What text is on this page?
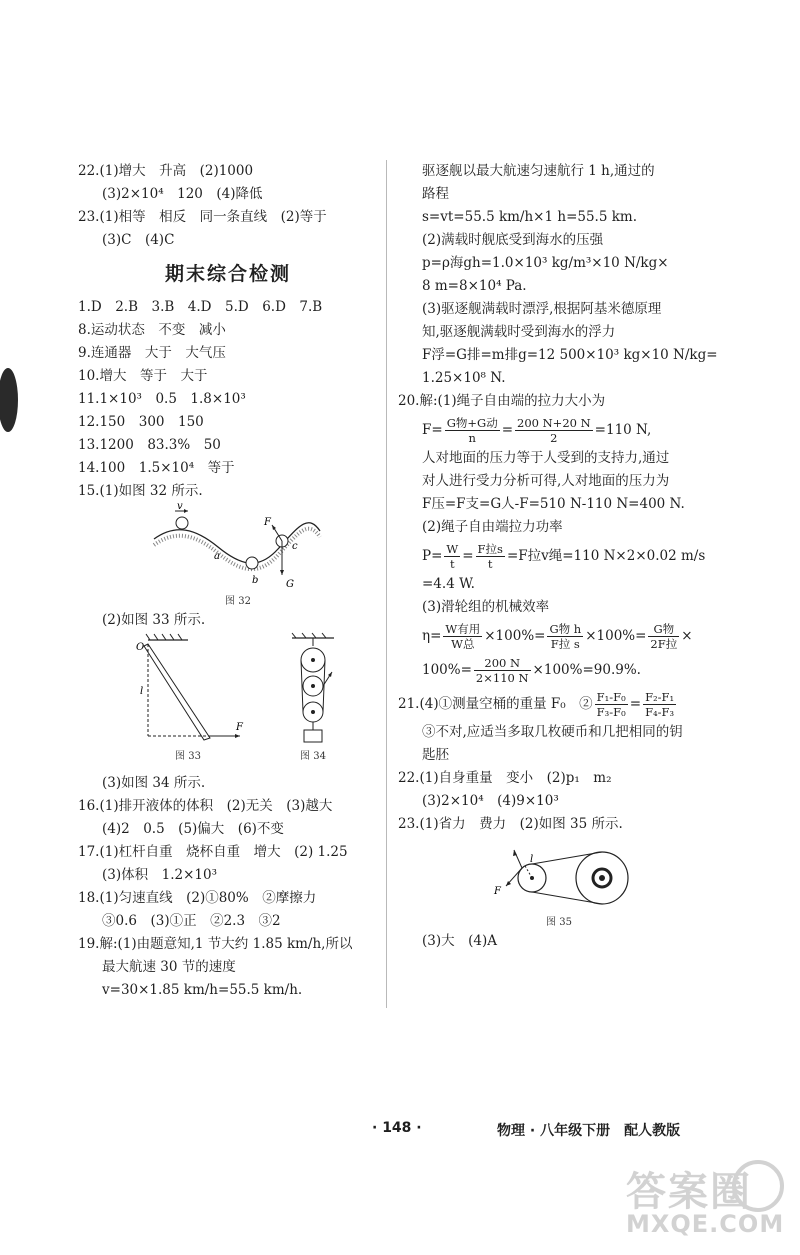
22.(1)增大　升高　(2)1000
(3)2×10⁴　120　(4)降低
23.(1)相等　相反　同一条直线　(2)等于
(3)C　(4)C
期末综合检测
1.D　2.B　3.B　4.D　5.D　6.D　7.B
8.运动状态　不变　减小
9.连通器　大于　大气压
10.增大　等于　大于
11.1×10³　0.5　1.8×10³
12.150　300　150
13.1200　83.3%　50
14.100　1.5×10⁴　等于
15.(1)如图 32 所示.
v
F
a
b
c
G
图 32
(2)如图 33 所示.
O
l
F
图 33	图 34
(3)如图 34 所示.
16.(1)排开液体的体积　(2)无关　(3)越大
(4)2　0.5　(5)偏大　(6)不变
17.(1)杠杆自重　烧杯自重　增大　(2) 1.25
(3)体积　1.2×10³
18.(1)匀速直线　(2)①80%　②摩擦力
③0.6　(3)①正　②2.3　③2
19.解:(1)由题意知,1 节大约 1.85 km/h,所以
最大航速 30 节的速度
v=30×1.85 km/h=55.5 km/h.
驱逐舰以最大航速匀速航行 1 h,通过的
路程
s=vt=55.5 km/h×1 h=55.5 km.
(2)满载时舰底受到海水的压强
p=ρ海gh=1.0×10³ kg/m³×10 N/kg×
8 m=8×10⁴ Pa.
(3)驱逐舰满载时漂浮,根据阿基米德原理
知,驱逐舰满载时受到海水的浮力
F浮=G排=m排g=12 500×10³ kg×10 N/kg=
1.25×10⁸ N.
20.解:(1)绳子自由端的拉力大小为
$F= \frac{\text{G物+G动}}{n} = \frac{200 N+20 N}{2} =110$ N,
人对地面的压力等于人受到的支持力,通过
对人进行受力分析可得,人对地面的压力为
F压=F支=G人-F=510 N-110 N=400 N.
(2)绳子自由端拉力功率
$P= \frac{W}{t} = \frac{\text{F拉s}}{t} =F$拉v绳=110 N×2×0.02 m/s
=4.4 W.
(3)滑轮组的机械效率
$\eta= \frac{\text{W有用}}{\text{W总}} \times 100\%= \frac{\text{G物 h}}{\text{F拉 s}} \times 100\%= \frac{\text{G物}}{\text{2F拉}}$ ×
$100\%= \frac{200 N}{2\times 110 N} \times 100\%=90.9\%$.
21.(4)①测量空桶的重量 F₀　② $\frac{\text{F₁-F₀}}{\text{F₃-F₀}} = \frac{\text{F₂-F₁}}{\text{F₄-F₃}}$
③不对,应适当多取几枚硬币和几把相同的钥
匙胚
22.(1)自身重量　变小　(2)p₁　m₂
(3)2×10⁴　(4)9×10³
23.(1)省力　费力　(2)如图 35 所示.
F
l
图 35
(3)大　(4)A
· 148 ·	物理 · 八年级下册　配人教版
答案圈
MXQE.COM
